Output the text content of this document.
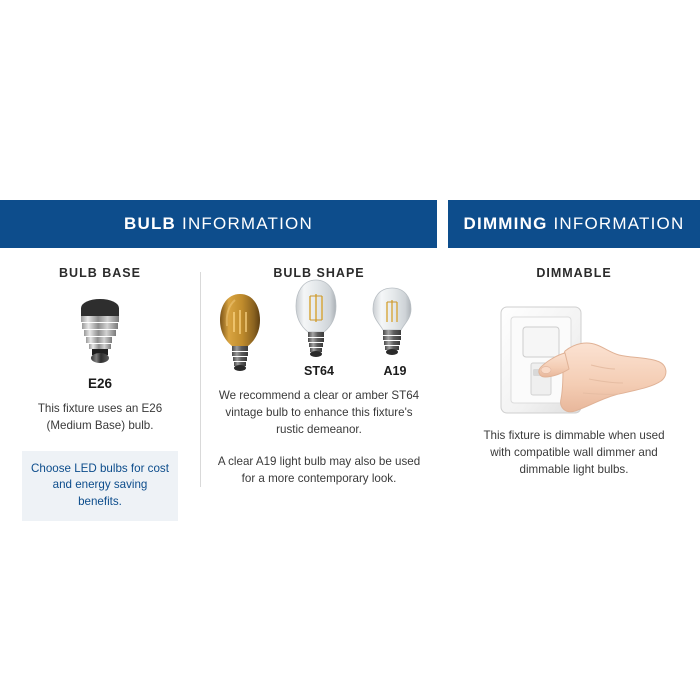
BULB INFORMATION
BULB BASE
E26
This fixture uses an E26 (Medium Base) bulb.
Choose LED bulbs for cost and energy saving benefits.
BULB SHAPE
ST64	A19
We recommend a clear or amber ST64 vintage bulb to enhance this fixture's rustic demeanor.
A clear A19 light bulb may also be used for a more contemporary look.
DIMMING INFORMATION
DIMMABLE
This fixture is dimmable when used with compatible wall dimmer and dimmable light bulbs.
